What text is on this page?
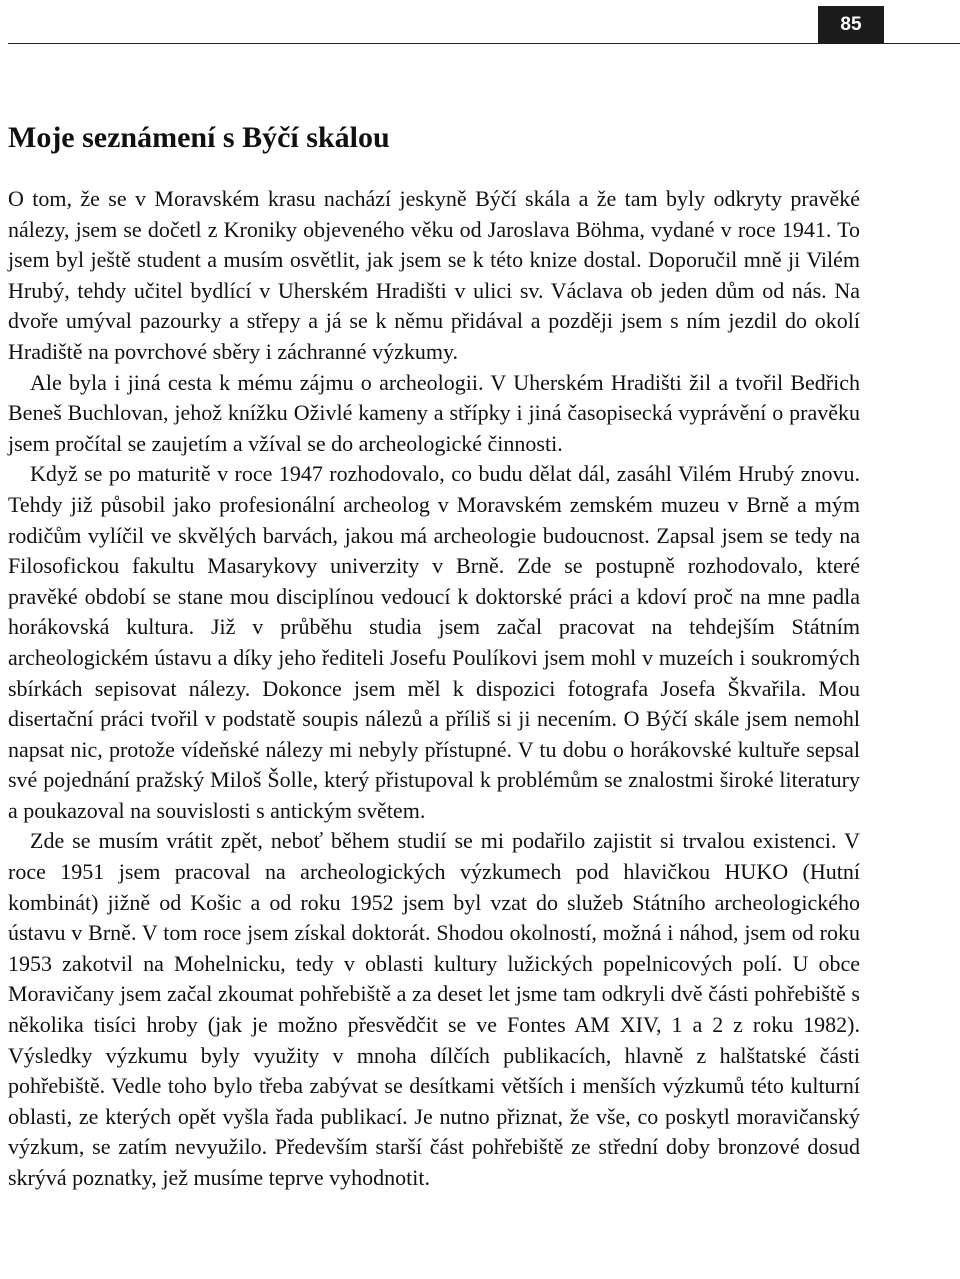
85
Moje seznámení s Býčí skálou

O tom, že se v Moravském krasu nachází jeskyně Býčí skála a že tam byly odkryty pravěké nálezy, jsem se dočetl z Kroniky objeveného věku od Jaroslava Böhma, vydané v roce 1941. To jsem byl ještě student a musím osvětlit, jak jsem se k této knize dostal. Doporučil mně ji Vilém Hrubý, tehdy učitel bydlící v Uherském Hradišti v ulici sv. Václava ob jeden dům od nás. Na dvoře umýval pazourky a střepy a já se k němu přidával a později jsem s ním jezdil do okolí Hradiště na povrchové sběry i záchranné výzkumy.

Ale byla i jiná cesta k mému zájmu o archeologii. V Uherském Hradišti žil a tvořil Bedřich Beneš Buchlovan, jehož knížku Oživlé kameny a střípky i jiná časopisecká vyprávění o pravěku jsem pročítal se zaujetím a vžíval se do archeologické činnosti.

Když se po maturitě v roce 1947 rozhodovalo, co budu dělat dál, zasáhl Vilém Hrubý znovu. Tehdy již působil jako profesionální archeolog v Moravském zemském muzeu v Brně a mým rodičům vylíčil ve skvělých barvách, jakou má archeologie budoucnost. Zapsal jsem se tedy na Filosofickou fakultu Masarykovy univerzity v Brně. Zde se postupně rozhodovalo, které pravěké období se stane mou disciplínou vedoucí k doktorské práci a kdoví proč na mne padla horákovská kultura. Již v průběhu studia jsem začal pracovat na tehdejším Státním archeologickém ústavu a díky jeho řediteli Josefu Poulíkovi jsem mohl v muzeích i soukromých sbírkách sepisovat nálezy. Dokonce jsem měl k dispozici fotografa Josefa Škvařila. Mou disertační práci tvořil v podstatě soupis nálezů a příliš si ji necením. O Býčí skále jsem nemohl napsat nic, protože vídeňské nálezy mi nebyly přístupné. V tu dobu o horákovské kultuře sepsal své pojednání pražský Miloš Šolle, který přistupoval k problémům se znalostmi široké literatury a poukazoval na souvislosti s antickým světem.

Zde se musím vrátit zpět, neboť během studií se mi podařilo zajistit si trvalou existenci. V roce 1951 jsem pracoval na archeologických výzkumech pod hlavičkou HUKO (Hutní kombinát) jižně od Košic a od roku 1952 jsem byl vzat do služeb Státního archeologického ústavu v Brně. V tom roce jsem získal doktorát. Shodou okolností, možná i náhod, jsem od roku 1953 zakotvil na Mohelnicku, tedy v oblasti kultury lužických popelnicových polí. U obce Moravičany jsem začal zkoumat pohřebiště a za deset let jsme tam odkryli dvě části pohřebiště s několika tisíci hroby (jak je možno přesvědčit se ve Fontes AM XIV, 1 a 2 z roku 1982). Výsledky výzkumu byly využity v mnoha dílčích publikacích, hlavně z halštatské části pohřebiště. Vedle toho bylo třeba zabývat se desítkami větších i menších výzkumů této kulturní oblasti, ze kterých opět vyšla řada publikací. Je nutno přiznat, že vše, co poskytl moravičanský výzkum, se zatím nevyužilo. Především starší část pohřebiště ze střední doby bronzové dosud skrývá poznatky, jež musíme teprve vyhodnotit.
